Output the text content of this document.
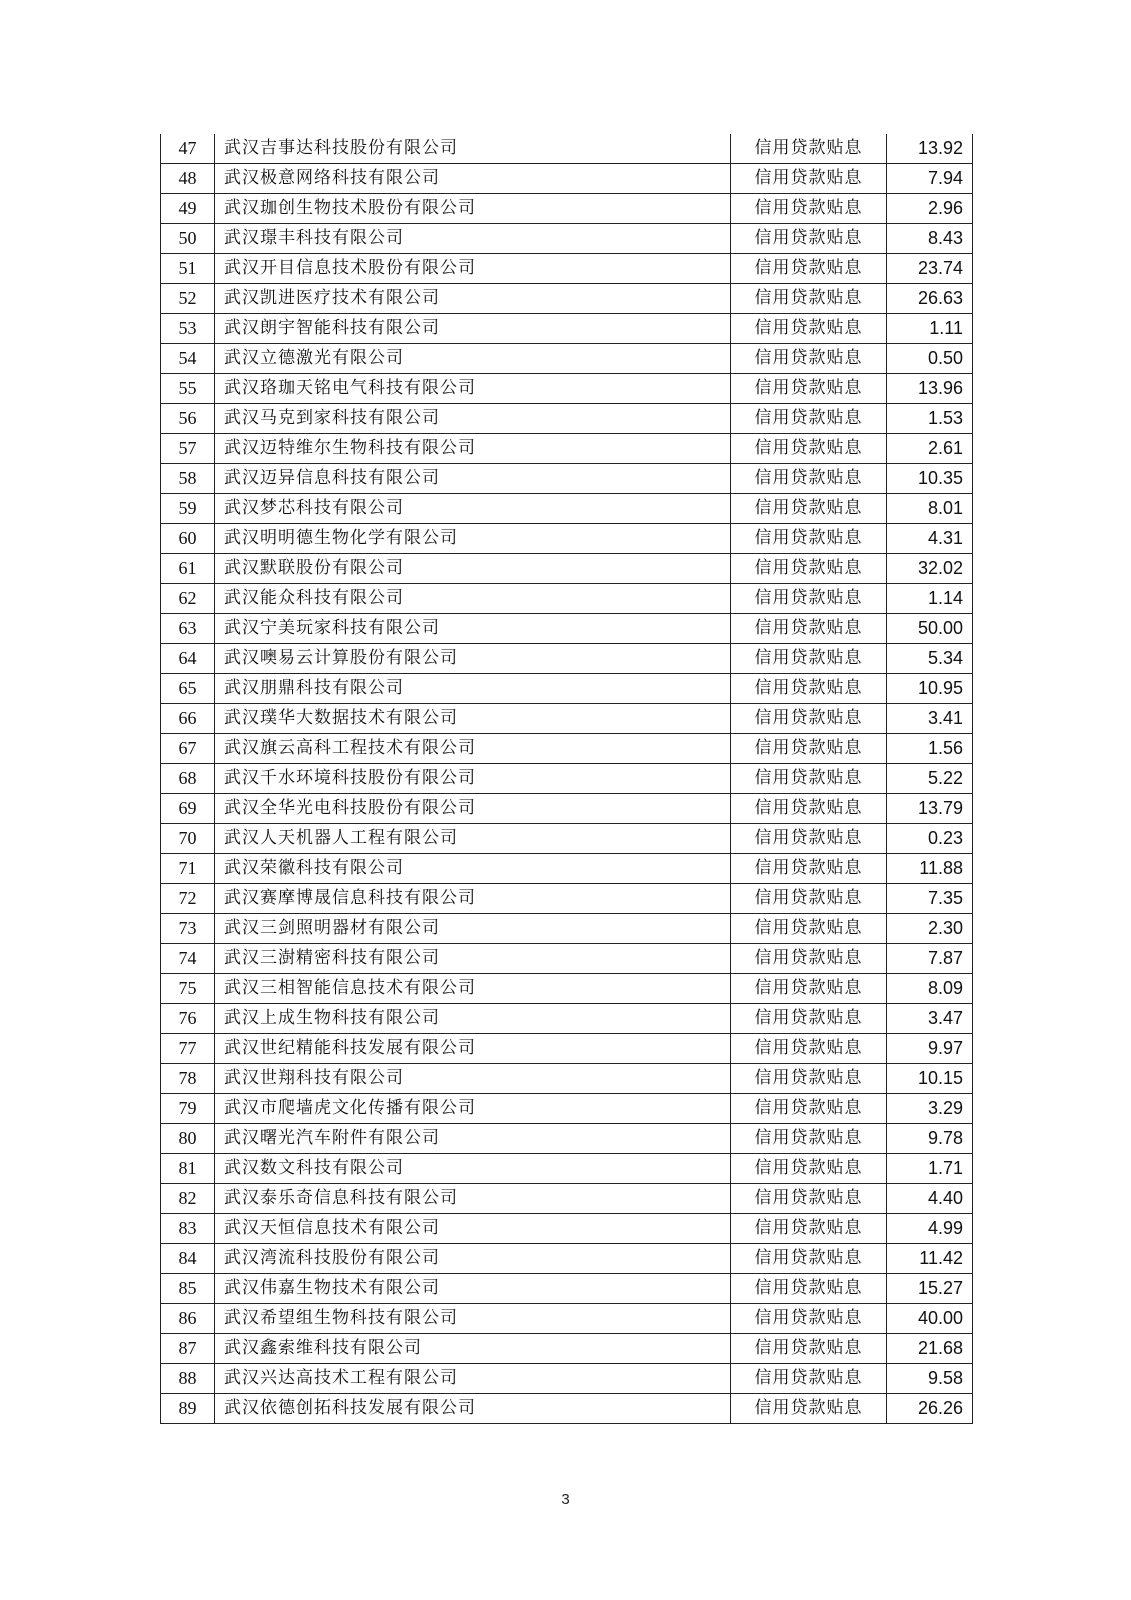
47	武汉吉事达科技股份有限公司	信用贷款贴息	13.92
48	武汉极意网络科技有限公司	信用贷款贴息	7.94
49	武汉珈创生物技术股份有限公司	信用贷款贴息	2.96
50	武汉璟丰科技有限公司	信用贷款贴息	8.43
51	武汉开目信息技术股份有限公司	信用贷款贴息	23.74
52	武汉凯进医疗技术有限公司	信用贷款贴息	26.63
53	武汉朗宇智能科技有限公司	信用贷款贴息	1.11
54	武汉立德激光有限公司	信用贷款贴息	0.50
55	武汉珞珈天铭电气科技有限公司	信用贷款贴息	13.96
56	武汉马克到家科技有限公司	信用贷款贴息	1.53
57	武汉迈特维尔生物科技有限公司	信用贷款贴息	2.61
58	武汉迈异信息科技有限公司	信用贷款贴息	10.35
59	武汉梦芯科技有限公司	信用贷款贴息	8.01
60	武汉明明德生物化学有限公司	信用贷款贴息	4.31
61	武汉默联股份有限公司	信用贷款贴息	32.02
62	武汉能众科技有限公司	信用贷款贴息	1.14
63	武汉宁美玩家科技有限公司	信用贷款贴息	50.00
64	武汉噢易云计算股份有限公司	信用贷款贴息	5.34
65	武汉朋鼎科技有限公司	信用贷款贴息	10.95
66	武汉璞华大数据技术有限公司	信用贷款贴息	3.41
67	武汉旗云高科工程技术有限公司	信用贷款贴息	1.56
68	武汉千水环境科技股份有限公司	信用贷款贴息	5.22
69	武汉全华光电科技股份有限公司	信用贷款贴息	13.79
70	武汉人天机器人工程有限公司	信用贷款贴息	0.23
71	武汉荣徽科技有限公司	信用贷款贴息	11.88
72	武汉赛摩博晟信息科技有限公司	信用贷款贴息	7.35
73	武汉三剑照明器材有限公司	信用贷款贴息	2.30
74	武汉三澍精密科技有限公司	信用贷款贴息	7.87
75	武汉三相智能信息技术有限公司	信用贷款贴息	8.09
76	武汉上成生物科技有限公司	信用贷款贴息	3.47
77	武汉世纪精能科技发展有限公司	信用贷款贴息	9.97
78	武汉世翔科技有限公司	信用贷款贴息	10.15
79	武汉市爬墙虎文化传播有限公司	信用贷款贴息	3.29
80	武汉曙光汽车附件有限公司	信用贷款贴息	9.78
81	武汉数文科技有限公司	信用贷款贴息	1.71
82	武汉泰乐奇信息科技有限公司	信用贷款贴息	4.40
83	武汉天恒信息技术有限公司	信用贷款贴息	4.99
84	武汉湾流科技股份有限公司	信用贷款贴息	11.42
85	武汉伟嘉生物技术有限公司	信用贷款贴息	15.27
86	武汉希望组生物科技有限公司	信用贷款贴息	40.00
87	武汉鑫索维科技有限公司	信用贷款贴息	21.68
88	武汉兴达高技术工程有限公司	信用贷款贴息	9.58
89	武汉依德创拓科技发展有限公司	信用贷款贴息	26.26
3
